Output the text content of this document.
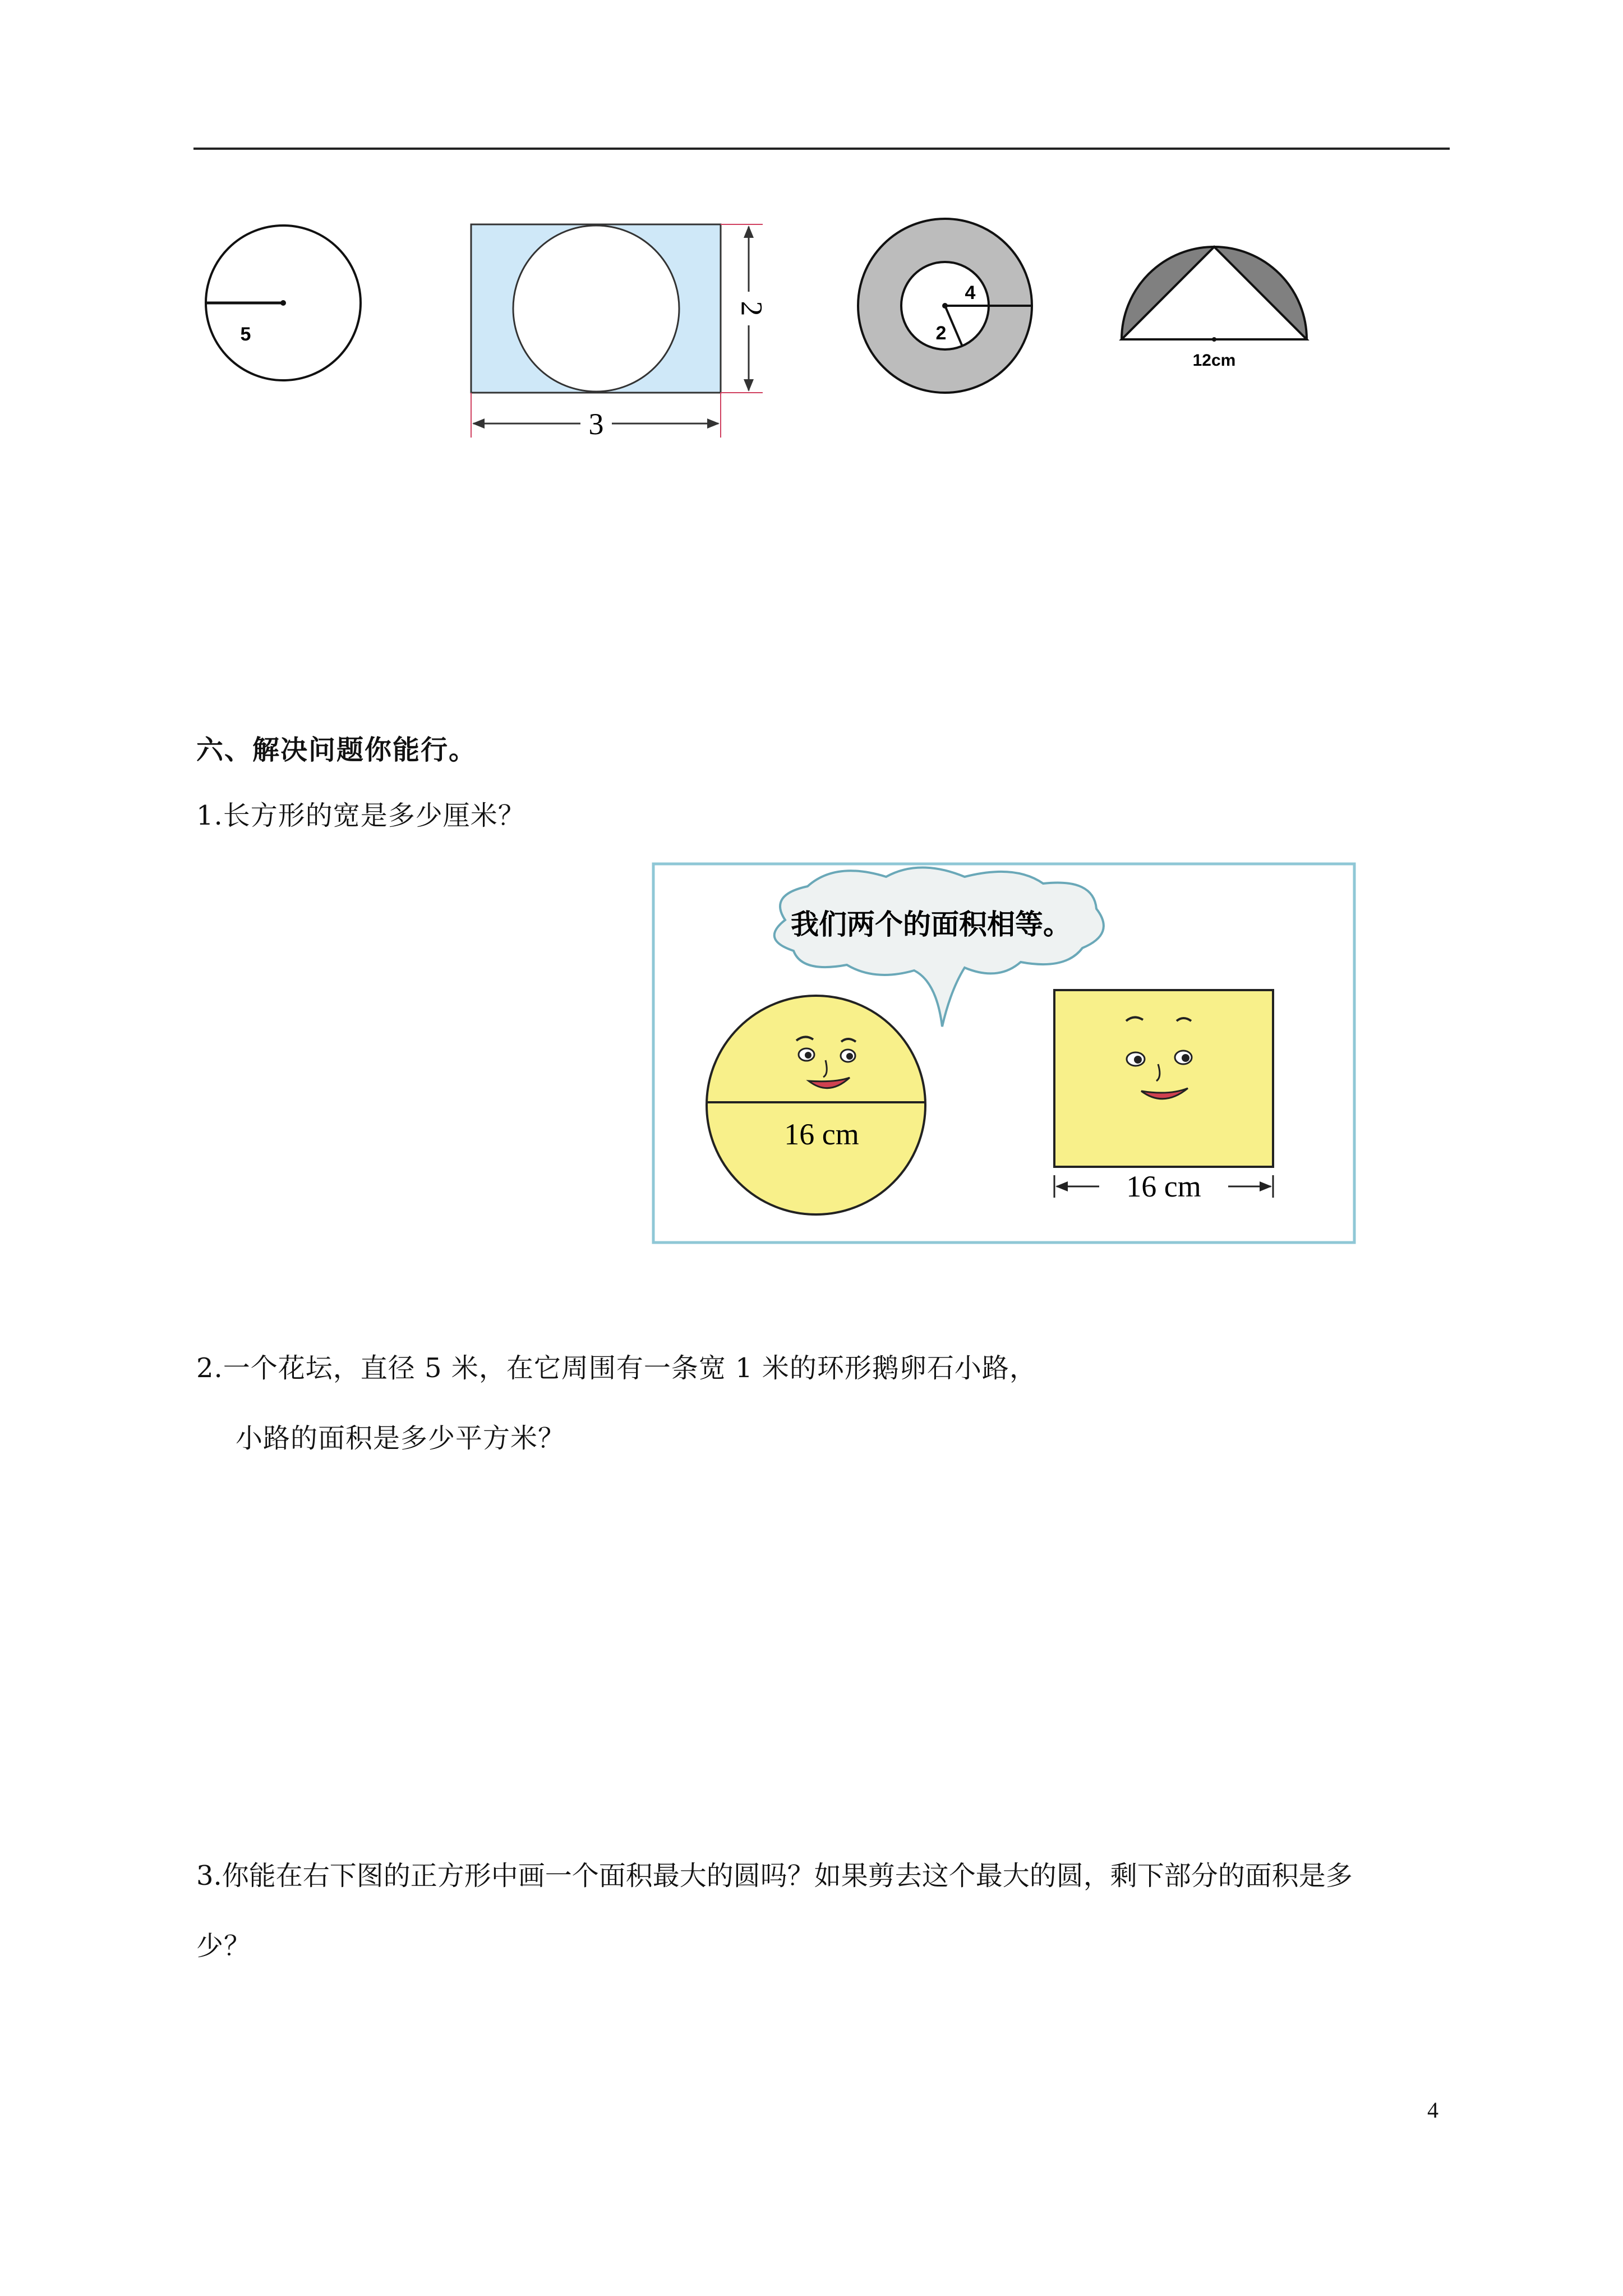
5
2
3
4
2
12cm
六、解决问题你能行。
1.长方形的宽是多少厘米？
我们两个的面积相等。
16 cm
16 cm
2.一个花坛，直径 5 米，在它周围有一条宽 1 米的环形鹅卵石小路，
小路的面积是多少平方米？
3.你能在右下图的正方形中画一个面积最大的圆吗？如果剪去这个最大的圆，剩下部分的面积是多
少？
4
